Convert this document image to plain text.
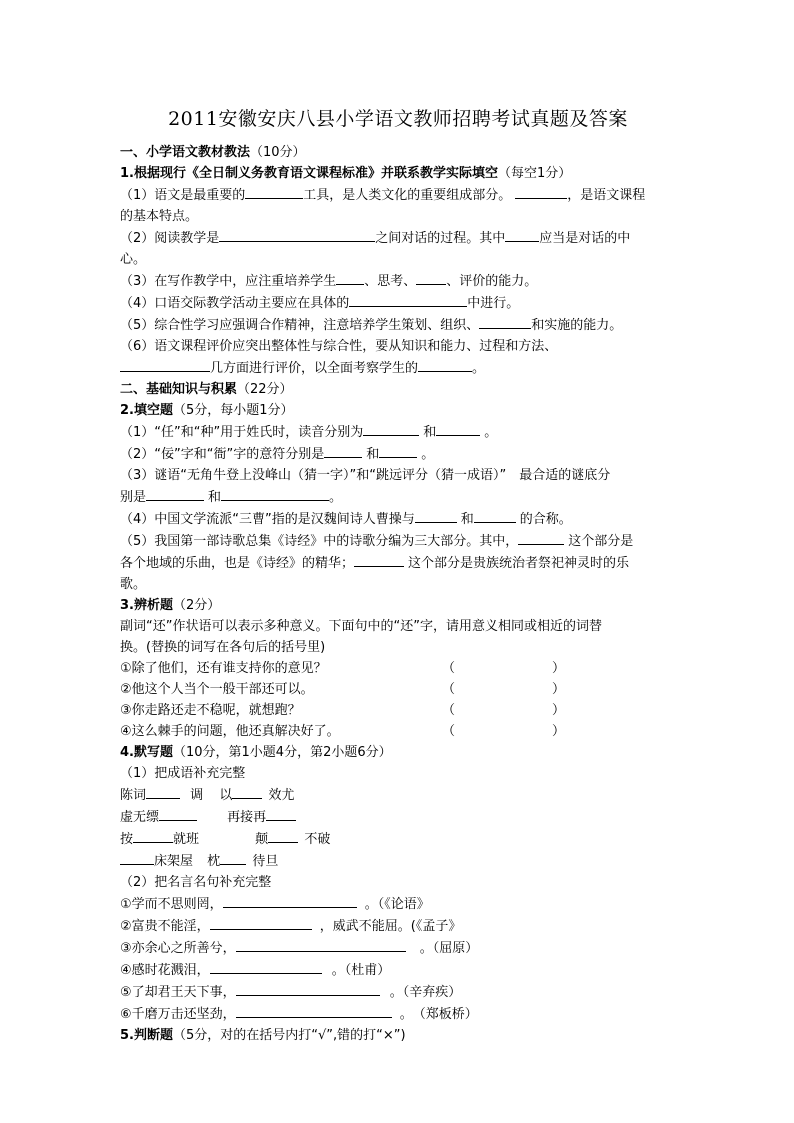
2011安徽安庆八县小学语文教师招聘考试真题及答案
一、小学语文教材教法（10分）
1.根据现行《全日制义务教育语文课程标准》并联系教学实际填空（每空1分）
（1）语文是最重要的	工具，是人类文化的重要组成部分。	，是语文课程
的基本特点。
（2）阅读教学是	之间对话的过程。其中	应当是对话的中
心。
（3）在写作教学中，应注重培养学生 、思考、 、评价的能力。
（4）口语交际教学活动主要应在具体的	中进行。
（5）综合性学习应强调合作精神，注意培养学生策划、组织、	和实施的能力。
（6）语文课程评价应突出整体性与综合性，要从知识和能力、过程和方法、
几方面进行评价，以全面考察学生的	。
二、基础知识与积累（22分）
2.填空题（5分，每小题1分）
（1）“任”和“种”用于姓氏时，读音分别为	和	。
（2）“佞”字和“衙”字的意符分别是	和	。
（3）谜语“无角牛登上没峰山（猜一字）”和“跳远评分（猜一成语）”　最合适的谜底分
别是	和	。
（4）中国文学流派“三曹”指的是汉魏间诗人曹操与	和	的合称。
（5）我国第一部诗歌总集《诗经》中的诗歌分编为三大部分。其中，	这个部分是
各个地域的乐曲，也是《诗经》的精华；	这个部分是贵族统治者祭祀神灵时的乐
歌。
3.辨析题（2分）
副词“还”作状语可以表示多种意义。下面句中的“还”字，请用意义相同或相近的词替
换。(替换的词写在各句后的括号里)
①除了他们，还有谁支持你的意见？	（	）
②他这个人当个一般干部还可以。	（	）
③你走路还走不稳呢，就想跑？	（	）
④这么棘手的问题，他还真解决好了。	（	）
4.默写题（10分，第1小题4分，第2小题6分）
（1）把成语补充完整
陈词	调 以	效尤
虚无缥	再接再
按	就班	颠	不破
床架屋 枕 待旦
（2）把名言名句补充完整
①学而不思则罔，	。（《论语》
②富贵不能淫，	，威武不能屈。(《孟子》
③亦余心之所善兮，	。（屈原）
④感时花溅泪，	。（杜甫）
⑤了却君王天下事，	。（辛弃疾）
⑥千磨万击还坚劲，	。　（郑板桥）
5.判断题（5分，对的在括号内打“√”,错的打“×”)
